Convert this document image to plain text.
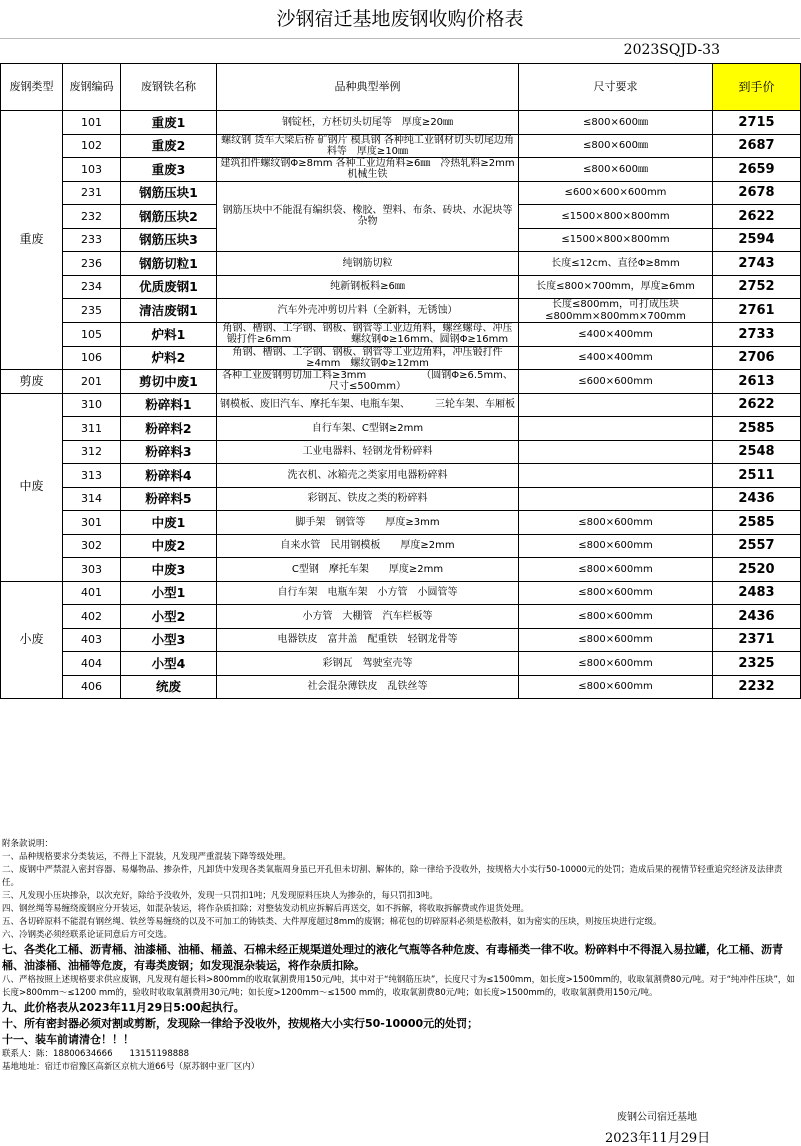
沙钢宿迁基地废钢收购价格表
2023SQJD-33
废钢类型	废钢编码	废钢铁名称	品种典型举例	尺寸要求	到手价
重废	101	重废1	钢锭柸，方柸切头切尾等　厚度≥20㎜	≤800×600㎜	2715
	102	重废2	螺纹钢 货车大梁后桥 矿钢片 模具钢 各种纯工业钢材切头切尾边角料等　厚度≥10㎜	≤800×600㎜	2687
	103	重废3	建筑扣件螺纹钢Φ≥8mm 各种工业边角料≥6㎜　冷热轧料≥2mm　机械生铁	≤800×600㎜	2659
	231	钢筋压块1	钢筋压块中不能混有编织袋、橡胶、塑料、布条、砖块、水泥块等杂物	≤600×600×600mm	2678
	232	钢筋压块2		≤1500×800×800mm	2622
	233	钢筋压块3		≤1500×800×800mm	2594
	236	钢筋切粒1	纯钢筋切粒	长度≤12cm、直径Φ≥8mm	2743
	234	优质废钢1	纯新钢板料≥6㎜	长度≤800×700mm，厚度≥6mm	2752
	235	清洁废钢1	汽车外壳冲剪切片料（全新料，无锈蚀）	长度≤800mm，可打成压块≤800mm×800mm×700mm	2761
	105	炉料1	角钢、槽钢、工字钢、钢板、钢管等工业边角料，螺丝螺母、冲压锻打件≥6mm　　　　　　螺纹钢Φ≥16mm、圆钢Φ≥16mm	≤400×400mm	2733
	106	炉料2	角钢、槽钢、工字钢、钢板、钢管等工业边角料，冲压锻打件　≥4mm　螺纹钢Φ≥12mm	≤400×400mm	2706
剪废	201	剪切中废1	各种工业废钢剪切加工料≥3mm　　　　　　（圆钢Φ≥6.5mm、尺寸≤500mm）	≤600×600mm	2613
中废	310	粉碎料1	钢模板、废旧汽车、摩托车架、电瓶车架、　　　三轮车架、车厢板		2622
	311	粉碎料2	自行车架、C型钢≥2mm		2585
	312	粉碎料3	工业电器料、轻钢龙骨粉碎料		2548
	313	粉碎料4	洗衣机、冰箱壳之类家用电器粉碎料		2511
	314	粉碎料5	彩钢瓦、铁皮之类的粉碎料		2436
	301	中废1	脚手架　钢管等　　厚度≥3mm	≤800×600mm	2585
	302	中废2	自来水管　民用钢模板　　厚度≥2mm	≤800×600mm	2557
	303	中废3	C型钢　摩托车架　　厚度≥2mm	≤800×600mm	2520
小废	401	小型1	自行车架　电瓶车架　小方管　小圆管等	≤800×600mm	2483
	402	小型2	小方管　大棚管　汽车栏板等	≤800×600mm	2436
	403	小型3	电器铁皮　富井盖　配重铁　轻钢龙骨等	≤800×600mm	2371
	404	小型4	彩钢瓦　驾驶室壳等	≤800×600mm	2325
	406	统废	社会混杂薄铁皮　乱铁丝等	≤800×600mm	2232
附条款说明：
一、品种规格要求分类装运，不得上下混装，凡发现严重混装下降等级处理。
二、废钢中严禁混入密封容器、易爆物品、掺杂件，凡卸货中发现各类氧瓶周身虽已开孔但未切割、解体的，除一律给予没收外，按规格大小实行50-10000元的处罚；造成后果的视情节轻重追究经济及法律责任。
三、凡发现小压块掺杂，以次充好，除给予没收外，发现一只罚扣1吨；凡发现原料压块人为掺杂的，每只罚扣3吨。
四、钢丝绳等易缠绕废钢应分开装运，如混杂装运，将作杂质扣除；对整装发动机应拆解后再送交，如不拆解，将收取拆解费或作退货处理。
五、各切碎原料不能混有钢丝绳、铁丝等易缠绕的以及不可加工的铸铁类、大件厚度超过8mm的废钢；棉花包的切碎原料必须是松散料，如为密实的压块，则按压块进行定级。
六、冷钢类必须经联系论证同意后方可交选。
七、各类化工桶、沥青桶、油漆桶、油桶、桶盖、石棉未经正规渠道处理过的液化气瓶等各种危废、有毒桶类一律不收。粉碎料中不得混入易拉罐，化工桶、沥青桶、油漆桶、油桶等危废，有毒类废钢；如发现混杂装运，将作杂质扣除。
八、严格按照上述规格要求供应废钢，凡发现有超长料>800mm的收取氧割费用150元/吨，其中对于“纯钢筋压块”，长度尺寸为≤1500mm，如长度>1500mm的，收取氧割费80元/吨。对于“纯冲件压块”，如长度>800mm～≤1200 mm的，验收时收取氧割费用30元/吨；如长度>1200mm～≤1500 mm的，收取氧割费80元/吨；如长度>1500mm的，收取氧割费用150元/吨。
九、此价格表从2023年11月29日5:00起执行。
十、所有密封器必须对割或剪断，发现除一律给予没收外，按规格大小实行50-10000元的处罚；
十一、装车前请清仓！！！
联系人：陈：18800634666　　13151198888
基地地址：宿迁市宿豫区高新区京杭大道66号（原苏钢中亚厂区内）
废钢公司宿迁基地
2023年11月29日
